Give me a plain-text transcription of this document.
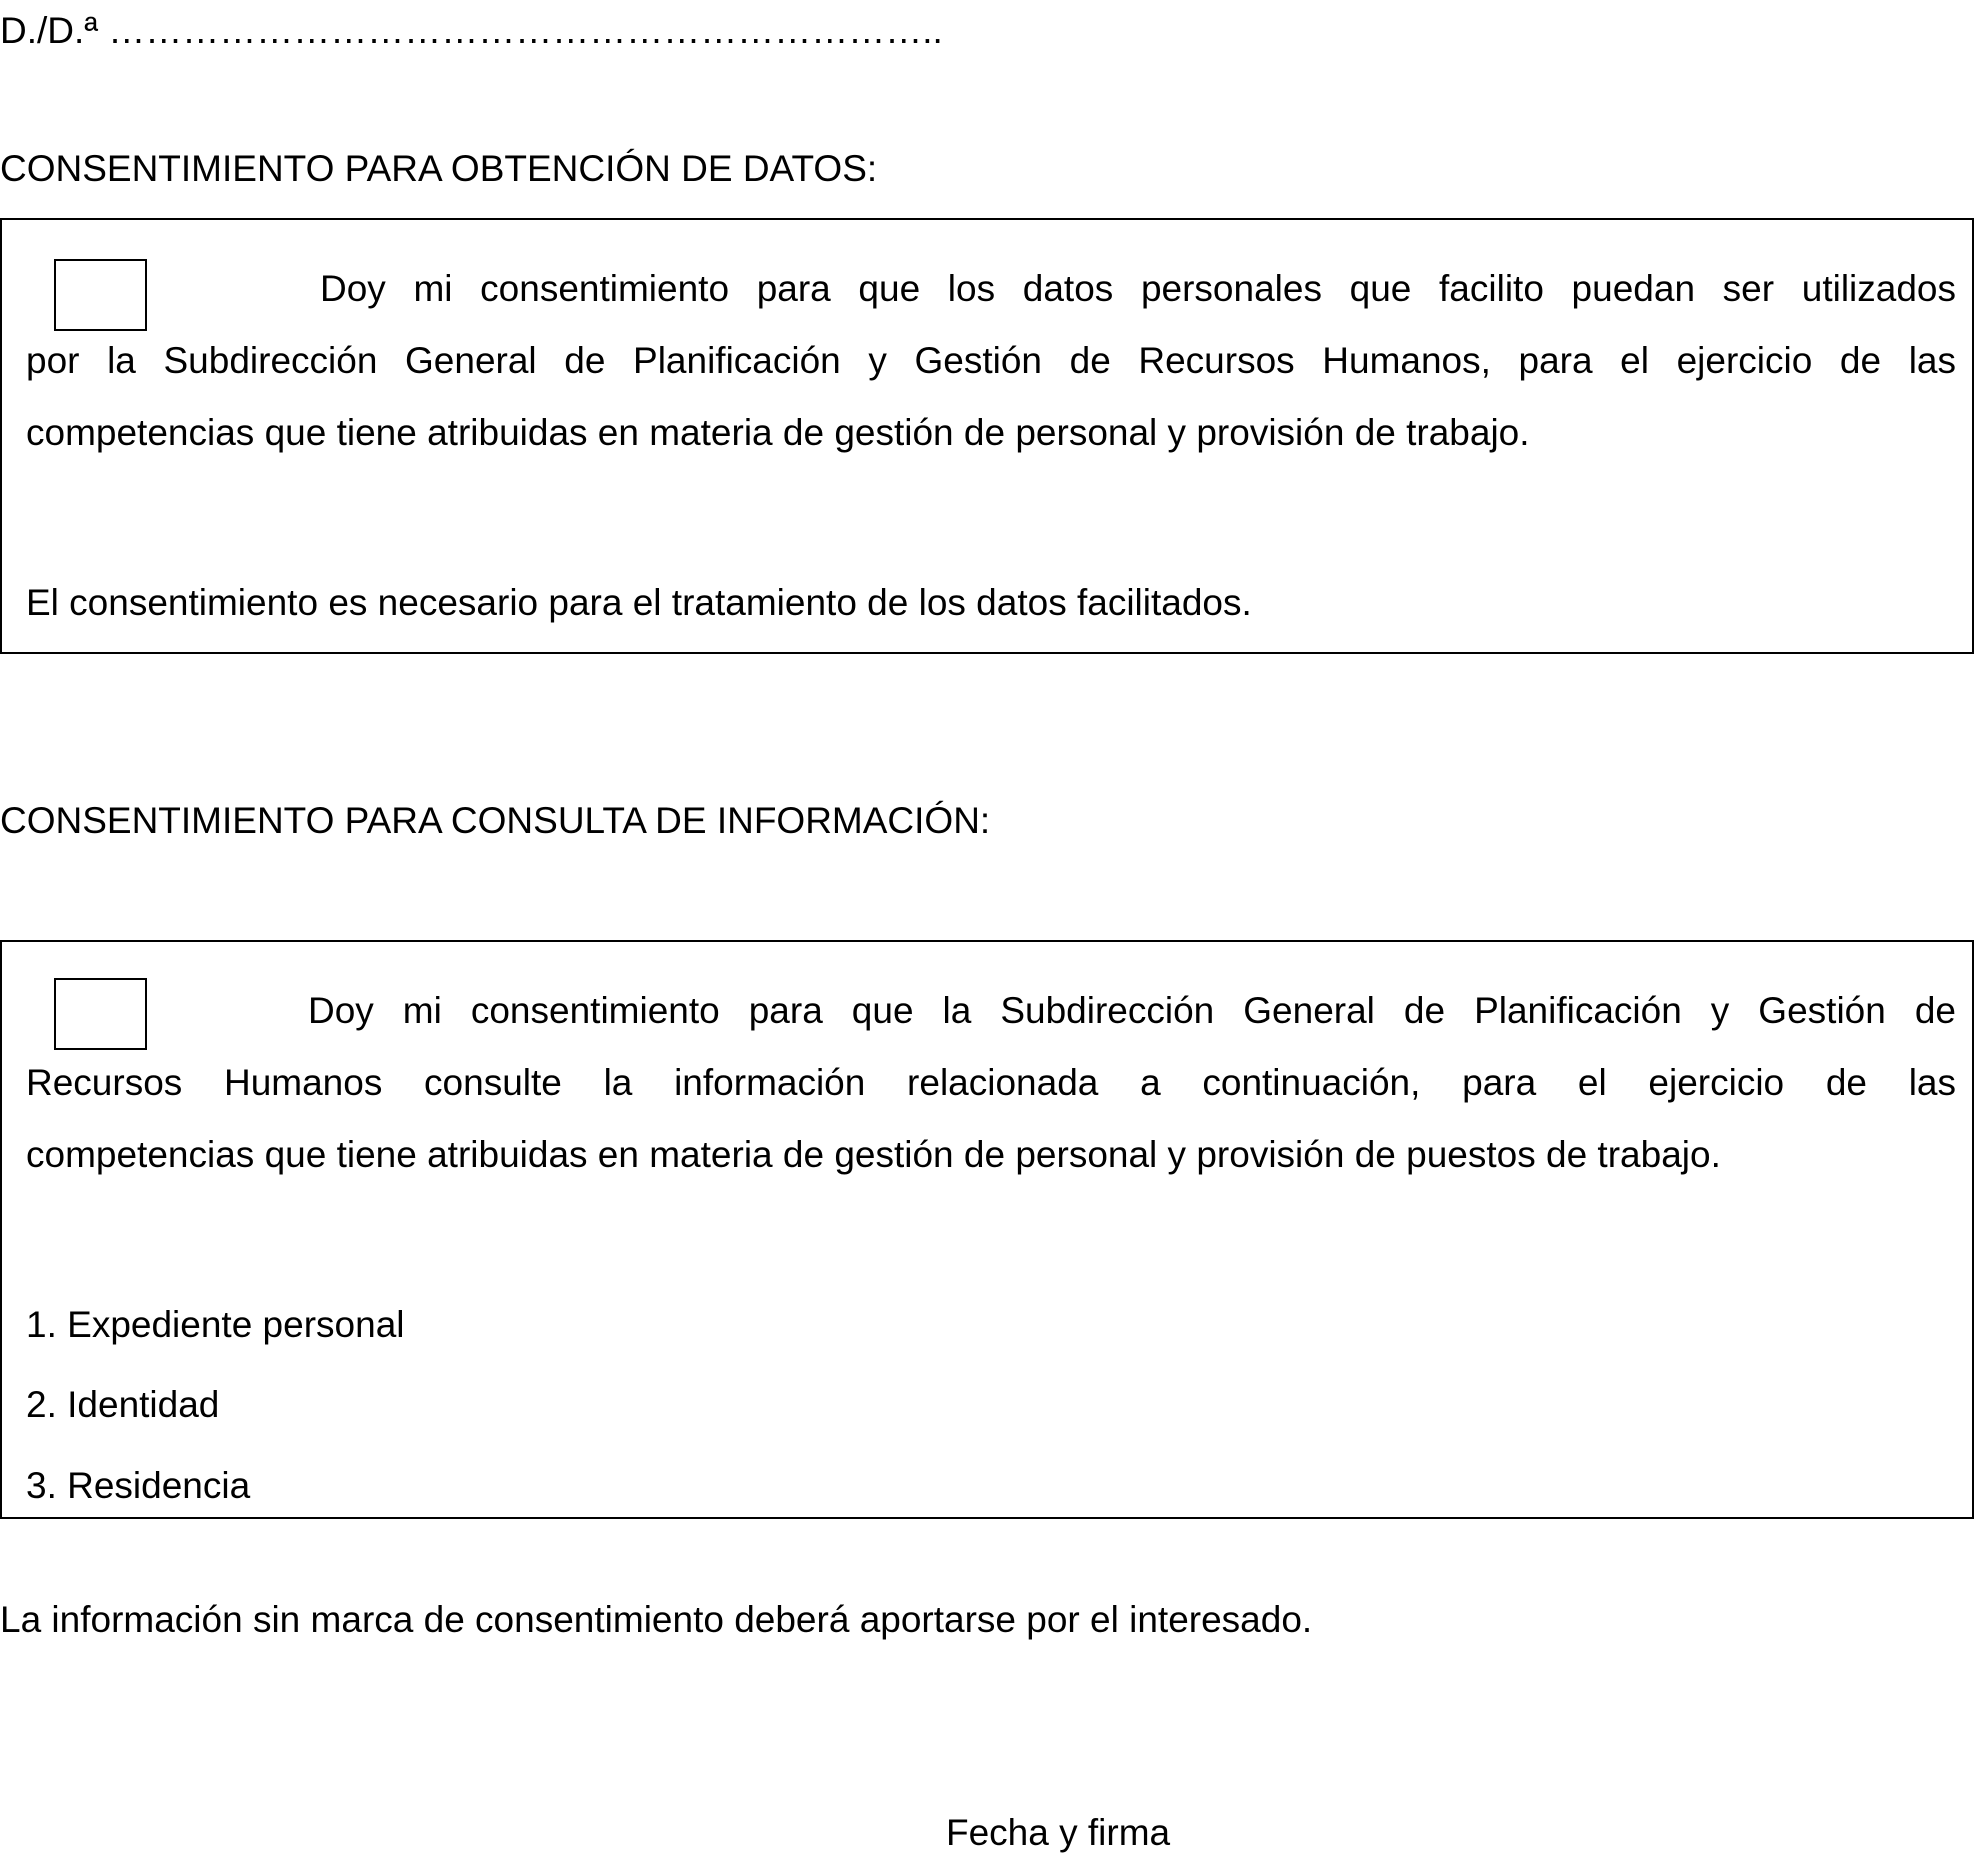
D./D.ª …………………………………………………………..
CONSENTIMIENTO PARA OBTENCIÓN DE DATOS:
Doy mi consentimiento para que los datos personales que facilito puedan ser utilizados
por la Subdirección General de Planificación y Gestión de Recursos Humanos, para el ejercicio de las
competencias que tiene atribuidas en materia de gestión de personal y provisión de trabajo.
El consentimiento es necesario para el tratamiento de los datos facilitados.
CONSENTIMIENTO PARA CONSULTA DE INFORMACIÓN:
Doy mi consentimiento para que la Subdirección General de Planificación y Gestión de
Recursos Humanos consulte la información relacionada a continuación, para el ejercicio de las
competencias que tiene atribuidas en materia de gestión de personal y provisión de puestos de trabajo.
1. Expediente personal
2. Identidad
3. Residencia
La información sin marca de consentimiento deberá aportarse por el interesado.
Fecha y firma
